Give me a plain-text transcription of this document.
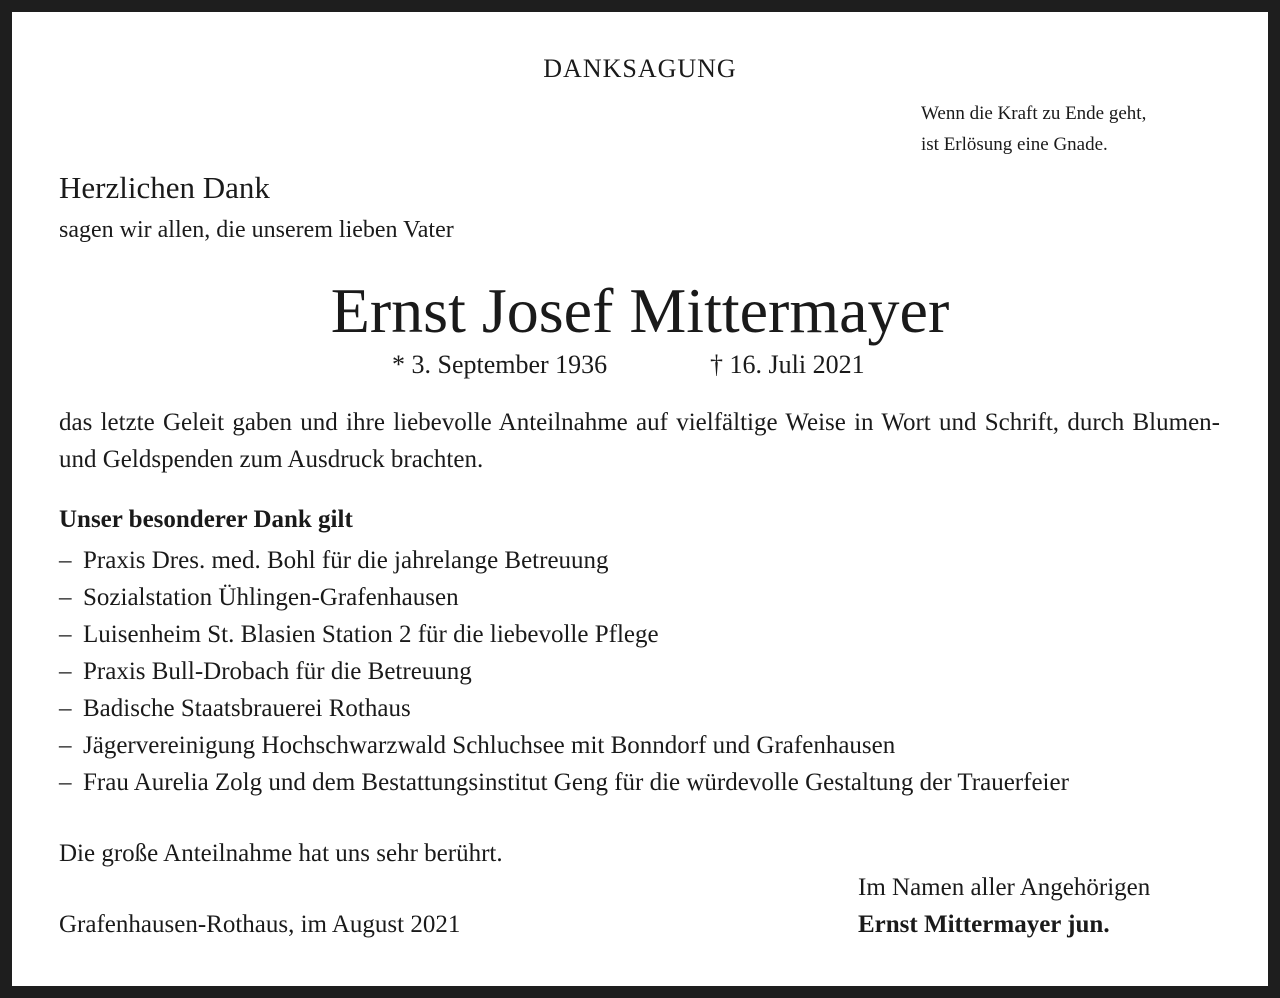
DANKSAGUNG
Wenn die Kraft zu Ende geht,
ist Erlösung eine Gnade.
Herzlichen Dank
sagen wir allen, die unserem lieben Vater
Ernst Josef Mittermayer
* 3. September 1936	† 16. Juli 2021
das letzte Geleit gaben und ihre liebevolle Anteilnahme auf vielfältige Weise in Wort und Schrift, durch Blumen- und Geldspenden zum Ausdruck brachten.
Unser besonderer Dank gilt
– Praxis Dres. med. Bohl für die jahrelange Betreuung
– Sozialstation Ühlingen-Grafenhausen
– Luisenheim St. Blasien Station 2 für die liebevolle Pflege
– Praxis Bull-Drobach für die Betreuung
– Badische Staatsbrauerei Rothaus
– Jägervereinigung Hochschwarzwald Schluchsee mit Bonndorf und Grafenhausen
– Frau Aurelia Zolg und dem Bestattungsinstitut Geng für die würdevolle Gestaltung der Trauerfeier
Die große Anteilnahme hat uns sehr berührt.
Im Namen aller Angehörigen
Ernst Mittermayer jun.
Grafenhausen-Rothaus, im August 2021
